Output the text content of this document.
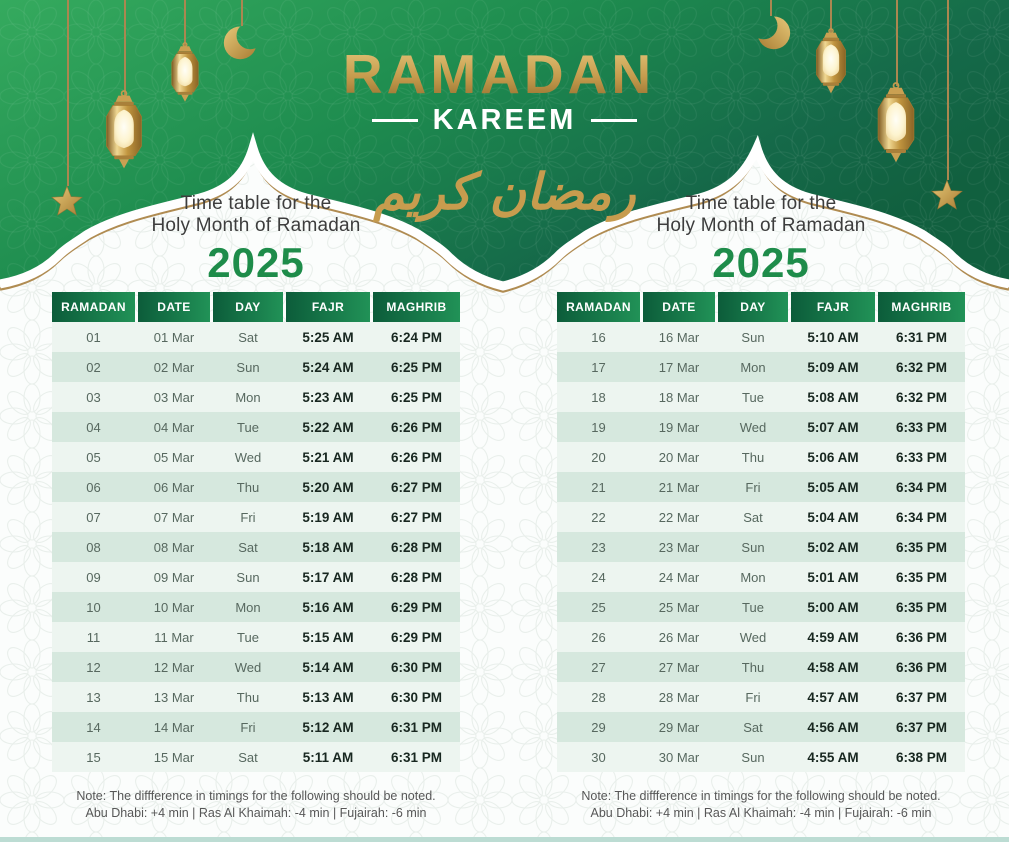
RAMADAN
KAREEM
رمضان كريم
Time table for the
Holy Month of Ramadan
2025
RAMADAN	DATE	DAY	FAJR	MAGHRIB
01	01 Mar	Sat	5:25 AM	6:24 PM
02	02 Mar	Sun	5:24 AM	6:25 PM
03	03 Mar	Mon	5:23 AM	6:25 PM
04	04 Mar	Tue	5:22 AM	6:26 PM
05	05 Mar	Wed	5:21 AM	6:26 PM
06	06 Mar	Thu	5:20 AM	6:27 PM
07	07 Mar	Fri	5:19 AM	6:27 PM
08	08 Mar	Sat	5:18 AM	6:28 PM
09	09 Mar	Sun	5:17 AM	6:28 PM
10	10 Mar	Mon	5:16 AM	6:29 PM
11	11 Mar	Tue	5:15 AM	6:29 PM
12	12 Mar	Wed	5:14 AM	6:30 PM
13	13 Mar	Thu	5:13 AM	6:30 PM
14	14 Mar	Fri	5:12 AM	6:31 PM
15	15 Mar	Sat	5:11 AM	6:31 PM
Note: The diffference in timings for the following should be noted.
Abu Dhabi: +4 min | Ras Al Khaimah: -4 min | Fujairah: -6 min
Time table for the
Holy Month of Ramadan
2025
RAMADAN	DATE	DAY	FAJR	MAGHRIB
16	16 Mar	Sun	5:10 AM	6:31 PM
17	17 Mar	Mon	5:09 AM	6:32 PM
18	18 Mar	Tue	5:08 AM	6:32 PM
19	19 Mar	Wed	5:07 AM	6:33 PM
20	20 Mar	Thu	5:06 AM	6:33 PM
21	21 Mar	Fri	5:05 AM	6:34 PM
22	22 Mar	Sat	5:04 AM	6:34 PM
23	23 Mar	Sun	5:02 AM	6:35 PM
24	24 Mar	Mon	5:01 AM	6:35 PM
25	25 Mar	Tue	5:00 AM	6:35 PM
26	26 Mar	Wed	4:59 AM	6:36 PM
27	27 Mar	Thu	4:58 AM	6:36 PM
28	28 Mar	Fri	4:57 AM	6:37 PM
29	29 Mar	Sat	4:56 AM	6:37 PM
30	30 Mar	Sun	4:55 AM	6:38 PM
Note: The diffference in timings for the following should be noted.
Abu Dhabi: +4 min | Ras Al Khaimah: -4 min | Fujairah: -6 min
